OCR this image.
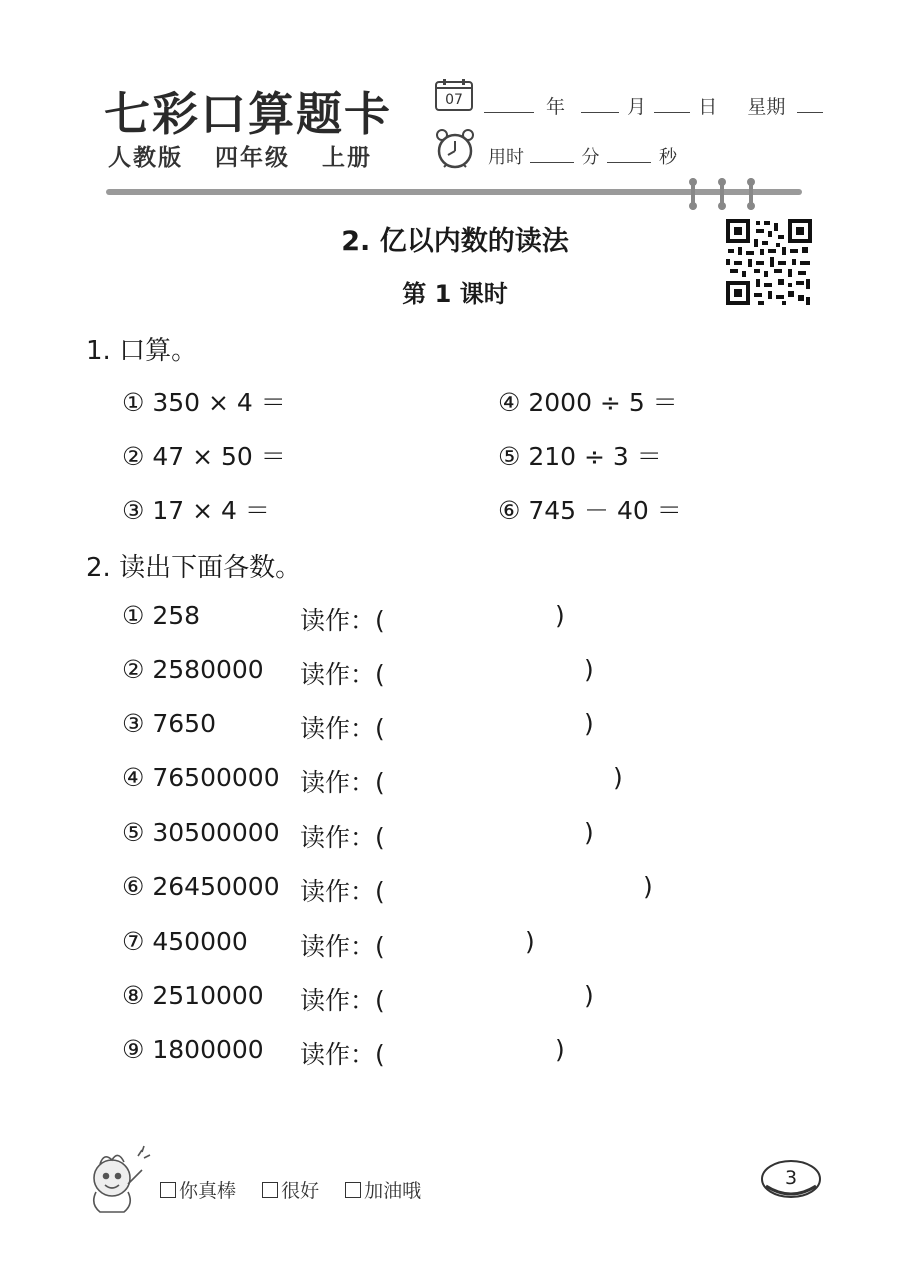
七彩口算题卡
人教版 四年级 上册
07	年	月	日 星期
用时	分	秒
2. 亿以内数的读法
第 1 课时
1. 口算。
① 350 × 4 ＝
② 47 × 50 ＝
③ 17 × 4 ＝
④ 2000 ÷ 5 ＝
⑤ 210 ÷ 3 ＝
⑥ 745 － 40 ＝
2. 读出下面各数。
① 258	读作：(	)
② 2580000 读作：(	)
③ 7650	读作：(	)
④ 76500000 读作：(	)
⑤ 30500000 读作：(	)
⑥ 26450000 读作：(	)
⑦ 450000 读作：(	)
⑧ 2510000 读作：(	)
⑨ 1800000 读作：(	)
你真棒 很好 加油哦
3
